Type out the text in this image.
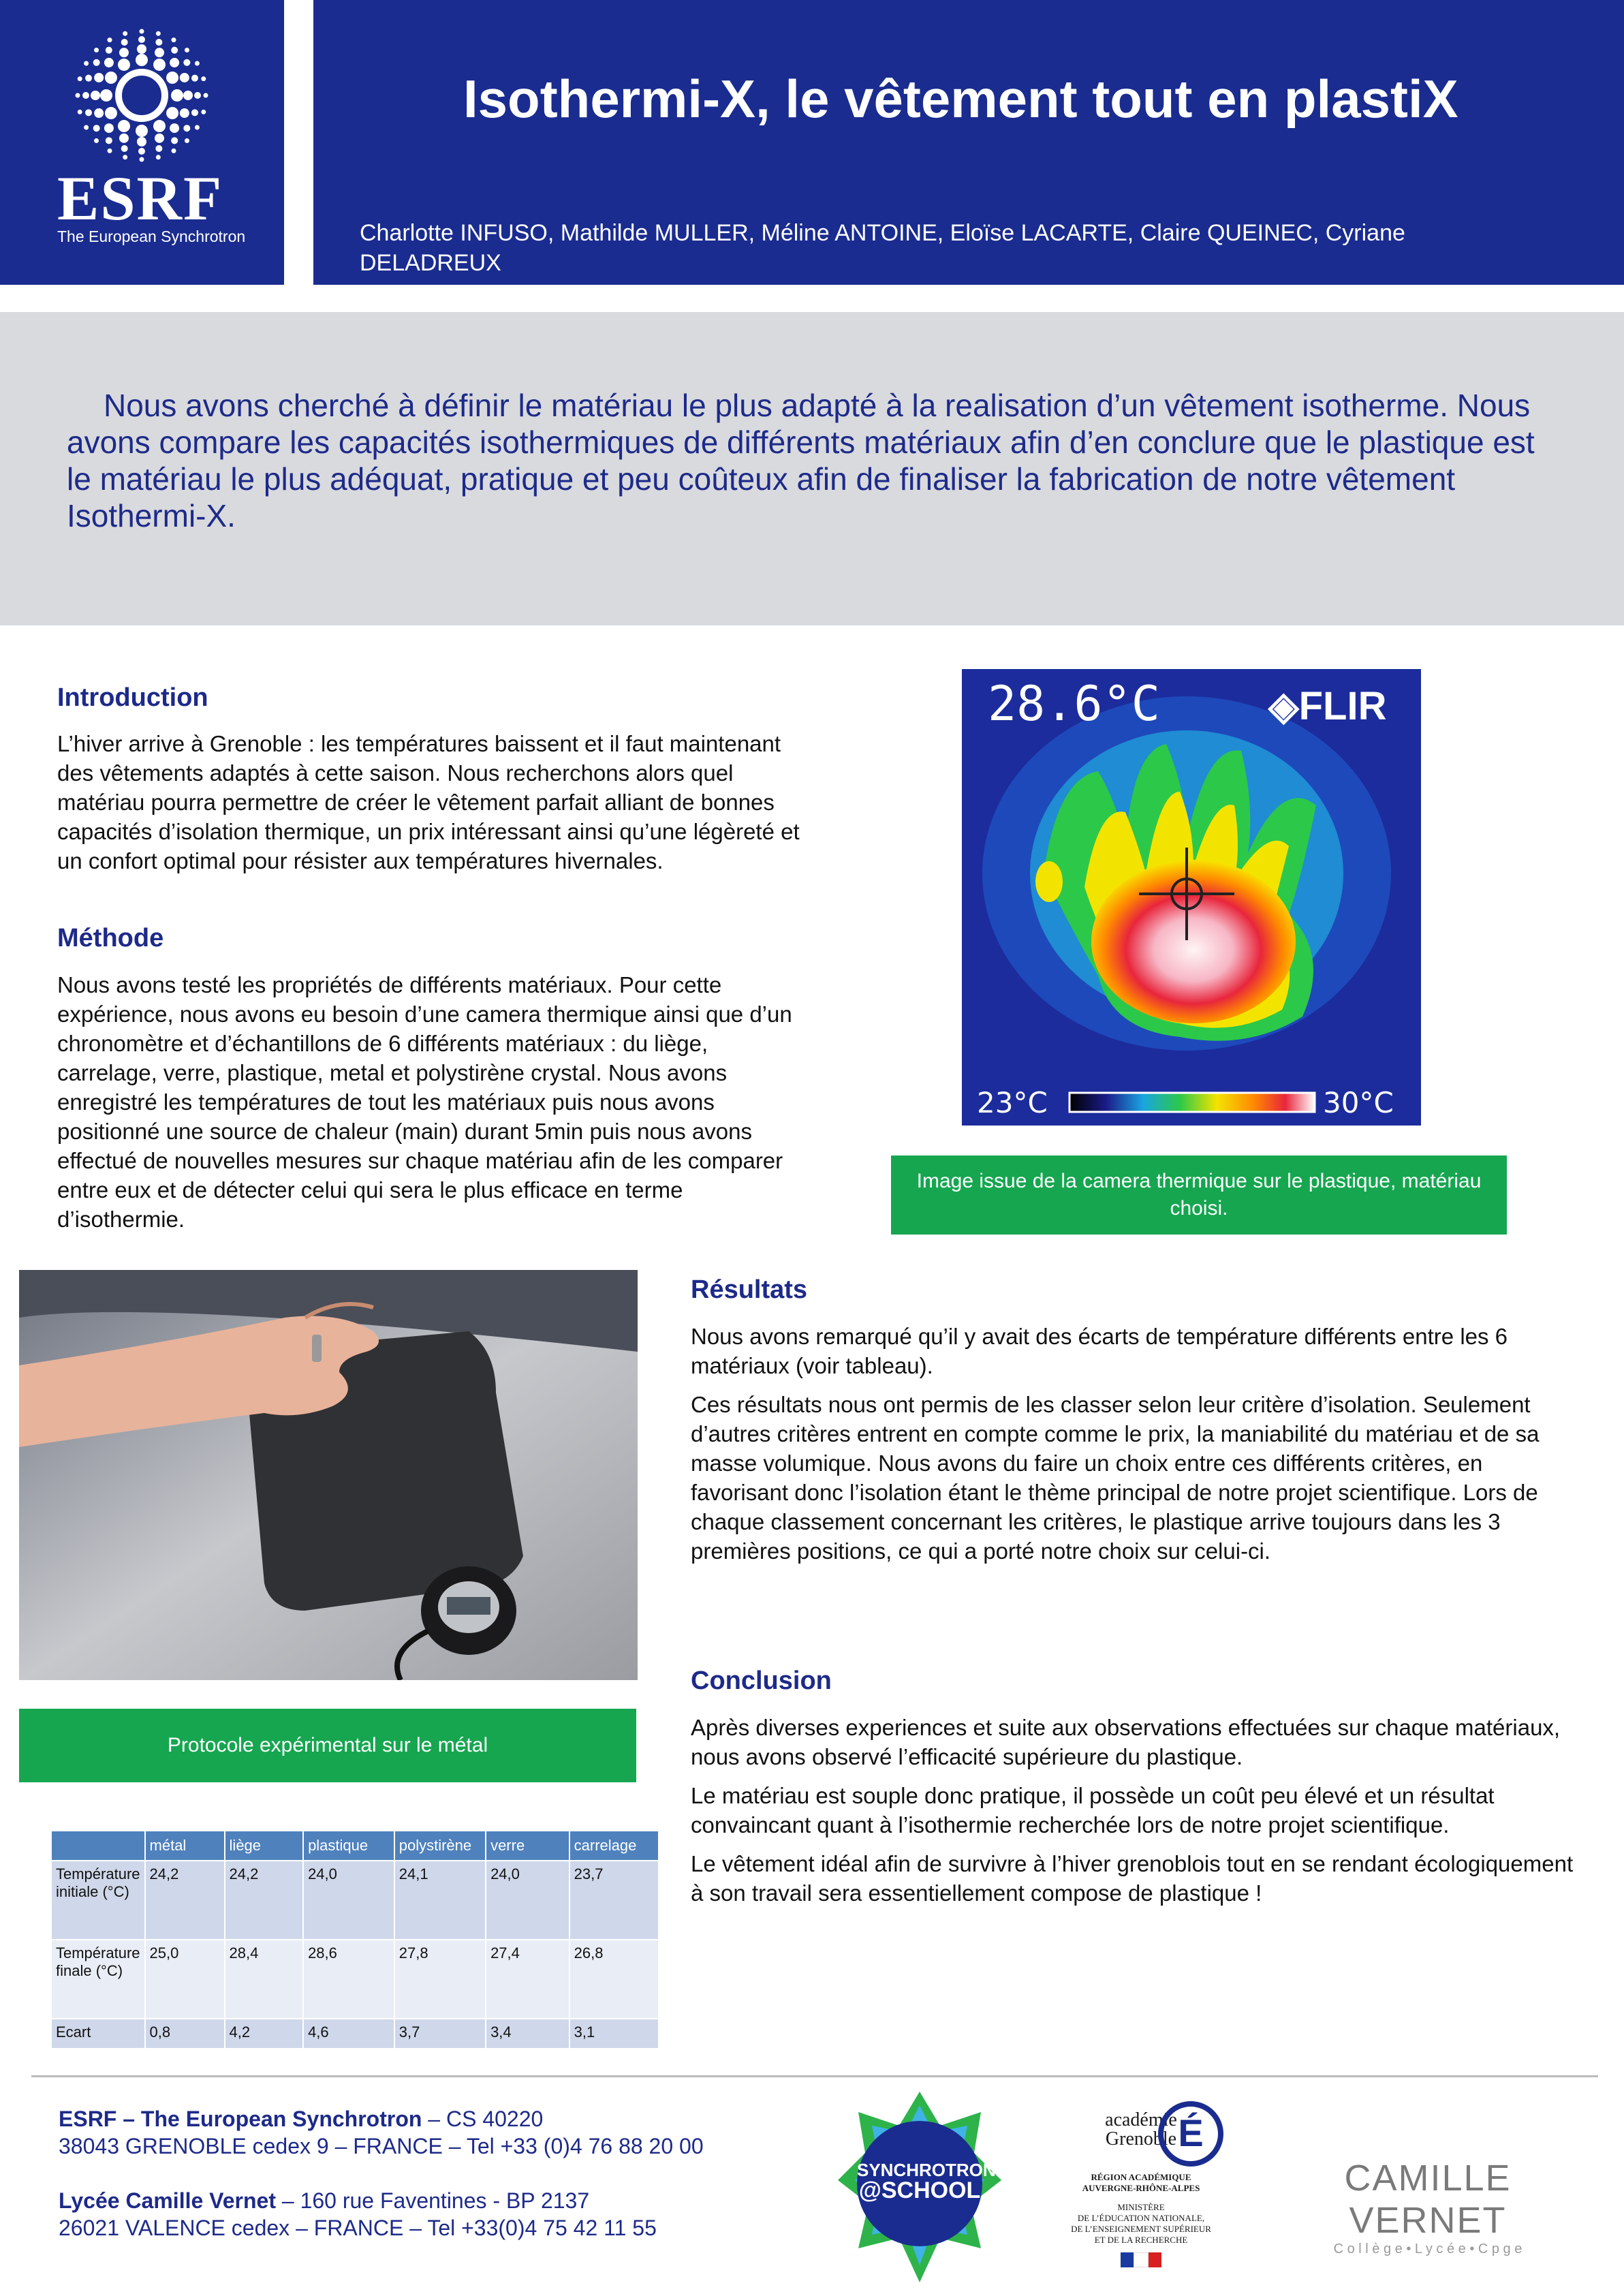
ESRF
The European Synchrotron
Isothermi-X, le vêtement tout en plastiX
Charlotte INFUSO, Mathilde MULLER, Méline ANTOINE, Eloïse LACARTE, Claire QUEINEC, Cyriane DELADREUX
Nous avons cherché à définir le matériau le plus adapté à la realisation d’un vêtement isotherme. Nous avons compare les capacités isothermiques de différents matériaux afin d’en conclure que le plastique est le matériau le plus adéquat, pratique et peu coûteux afin de finaliser la fabrication de notre vêtement Isothermi-X.
Introduction
L’hiver arrive à Grenoble : les températures baissent et il faut maintenant des vêtements adaptés à cette saison. Nous recherchons alors quel matériau pourra permettre de créer le vêtement parfait alliant de bonnes capacités d’isolation thermique, un prix intéressant ainsi qu’une légèreté et un confort optimal pour résister aux températures hivernales.
Méthode
Nous avons testé les propriétés de différents matériaux. Pour cette expérience, nous avons eu besoin d’une camera thermique ainsi que d’un chronomètre et d’échantillons de 6 différents matériaux : du liège, carrelage, verre, plastique, metal et polystirène crystal. Nous avons enregistré les températures de tout les matériaux puis nous avons positionné une source de chaleur (main) durant 5min puis nous avons effectué de nouvelles mesures sur chaque matériau afin de les comparer entre eux et de détecter celui qui sera le plus efficace en terme d’isothermie.
28.6°C	◈FLIR
23°C	30°C
Image issue de la camera thermique sur le plastique, matériau choisi.
Protocole expérimental sur le métal
	métal	liège	plastique	polystirène	verre	carrelage
Température initiale (°C)	24,2	24,2	24,0	24,1	24,0	23,7
Température finale (°C)	25,0	28,4	28,6	27,8	27,4	26,8
Ecart	0,8	4,2	4,6	3,7	3,4	3,1
Résultats

Nous avons remarqué qu’il y avait des écarts de température différents entre les 6 matériaux (voir tableau).

Ces résultats nous ont permis de les classer selon leur critère d’isolation. Seulement d’autres critères entrent en compte comme le prix, la maniabilité du matériau et de sa masse volumique. Nous avons du faire un choix entre ces différents critères, en favorisant donc l’isolation étant le thème principal de notre projet scientifique. Lors de chaque classement concernant les critères, le plastique arrive toujours dans les 3 premières positions, ce qui a porté notre choix sur celui-ci.

Conclusion

Après diverses experiences et suite aux observations effectuées sur chaque matériaux, nous avons observé l’efficacité supérieure du plastique.

Le matériau est souple donc pratique, il possède un coût peu élevé et un résultat convaincant quant à l’isothermie recherchée lors de notre projet scientifique.

Le vêtement idéal afin de survivre à l’hiver grenoblois tout en se rendant écologiquement à son travail sera essentiellement compose de plastique !

ESRF – The European Synchrotron – CS 40220
38043 GRENOBLE cedex 9 – FRANCE – Tel +33 (0)4 76 88 20 00
Lycée Camille Vernet – 160 rue Faventines - BP 2137
26021 VALENCE cedex – FRANCE – Tel +33(0)4 75 42 11 55
SYNCHROTRON
@SCHOOL
académie
Grenoble É
RÉGION ACADÉMIQUE
AUVERGNE-RHÔNE-ALPES
MINISTÈRE
DE L’ÉDUCATION NATIONALE,
DE L’ENSEIGNEMENT SUPÉRIEUR
ET DE LA RECHERCHE
CAMILLE VERNET
C o l l è g e • L y c é e • C p g e
